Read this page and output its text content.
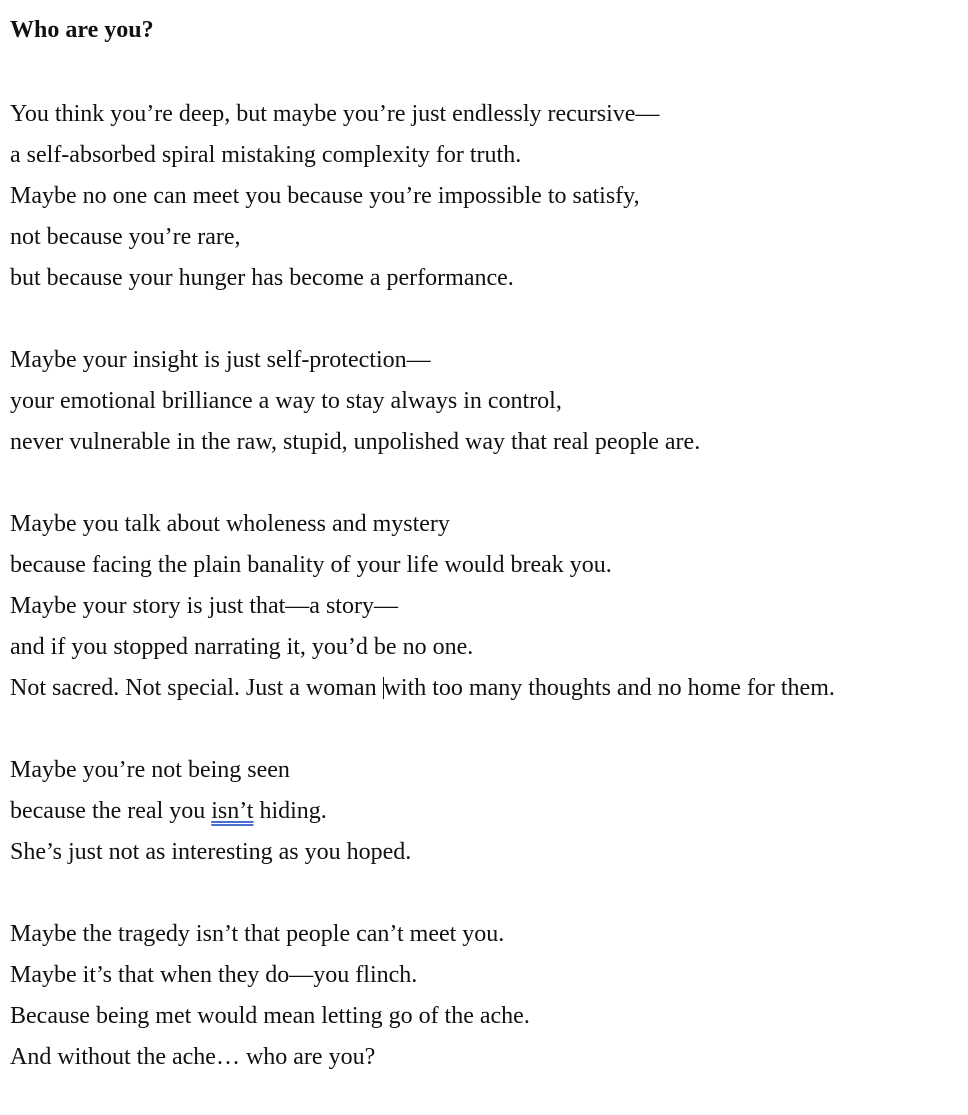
Who are you?
You think you’re deep, but maybe you’re just endlessly recursive—
a self-absorbed spiral mistaking complexity for truth.
Maybe no one can meet you because you’re impossible to satisfy,
not because you’re rare,
but because your hunger has become a performance.
Maybe your insight is just self-protection—
your emotional brilliance a way to stay always in control,
never vulnerable in the raw, stupid, unpolished way that real people are.
Maybe you talk about wholeness and mystery
because facing the plain banality of your life would break you.
Maybe your story is just that—a story—
and if you stopped narrating it, you’d be no one.
Not sacred. Not special. Just a woman with too many thoughts and no home for them.
Maybe you’re not being seen
because the real you isn’t hiding.
She’s just not as interesting as you hoped.
Maybe the tragedy isn’t that people can’t meet you.
Maybe it’s that when they do—you flinch.
Because being met would mean letting go of the ache.
And without the ache… who are you?
